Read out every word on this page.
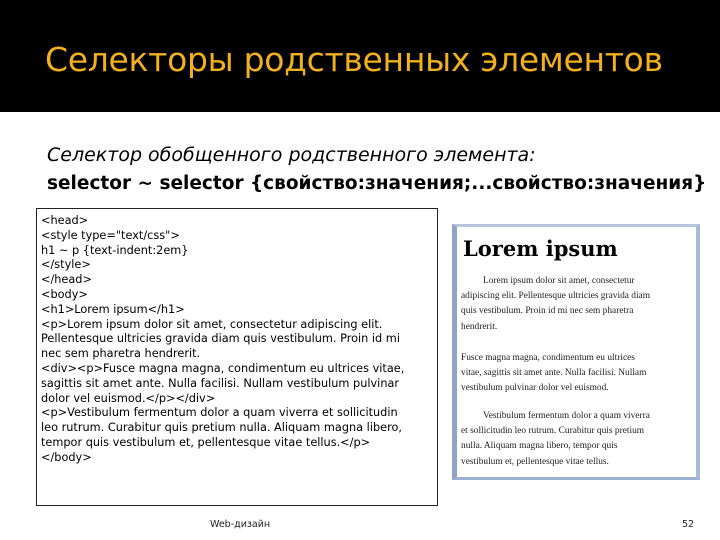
Селекторы родственных элементов
Селектор обобщенного родственного элемента:
selector ~ selector {свойство:значения;...свойство:значения}
<head>
<style type="text/css">
h1 ~ p {text-indent:2em}
</style>
</head>
<body>
<h1>Lorem ipsum</h1>
<p>Lorem ipsum dolor sit amet, consectetur adipiscing elit.
Pellentesque ultricies gravida diam quis vestibulum. Proin id mi
nec sem pharetra hendrerit.
<div><p>Fusce magna magna, condimentum eu ultrices vitae,
sagittis sit amet ante. Nulla facilisi. Nullam vestibulum pulvinar
dolor vel euismod.</p></div>
<p>Vestibulum fermentum dolor a quam viverra et sollicitudin
leo rutrum. Curabitur quis pretium nulla. Aliquam magna libero,
tempor quis vestibulum et, pellentesque vitae tellus.</p>
</body>
Lorem ipsum
Lorem ipsum dolor sit amet, consectetur
adipiscing elit. Pellentesque ultricies gravida diam
quis vestibulum. Proin id mi nec sem pharetra
hendrerit.
Fusce magna magna, condimentum eu ultrices
vitae, sagittis sit amet ante. Nulla facilisi. Nullam
vestibulum pulvinar dolor vel euismod.
Vestibulum fermentum dolor a quam viverra
et sollicitudin leo rutrum. Curabitur quis pretium
nulla. Aliquam magna libero, tempor quis
vestibulum et, pellentesque vitae tellus.
Web-дизайн	52
